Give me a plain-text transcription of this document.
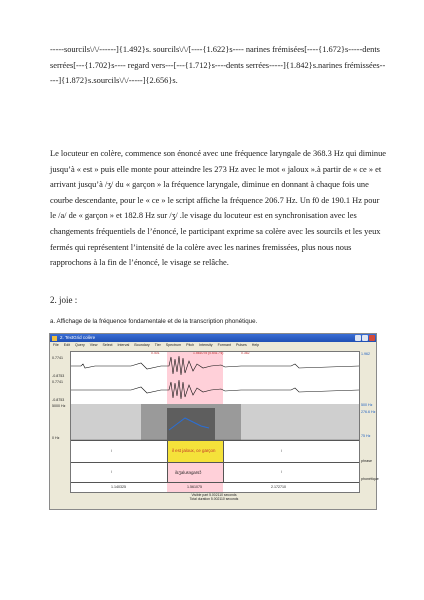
-----sourcils\/\/------]{1.492}s. sourcils\/\/[----{1.622}s---- narines frémisées[----{1.672}s-----dents serrées[---{1.702}s---- regard vers---[---{1.712}s----dents serrées-----]{1.842}s.narines frémissées-----]{1.872}s.sourcils\/\/-----]{2.656}s.
Le locuteur en colère, commence son énoncé avec une fréquence laryngale de 368.3 Hz qui diminue jusqu’à « est » puis elle monte pour atteindre les 273 Hz avec le mot « jaloux ».à partir de « ce » et arrivant jusqu’à /ʒ/ du « garçon » la fréquence laryngale, diminue en donnant à chaque fois une courbe descendante, pour le « ce » le script affiche la fréquence 206.7 Hz. Un f0 de 190.1 Hz pour le /a/ de « garçon » et 182.8 Hz sur /ʒ/ .le visage du locuteur est en synchronisation avec les changements fréquentiels de l’énoncé, le participant exprime sa colère avec les sourcils et les yeux fermés qui représentent l’intensité de la colère avec les narines fremissées, plus nous nous rapprochons à la fin de l’énoncé, le visage se relâche.
2. joie :
a. Affichage de la fréquence fondamentale et de la transcription phonétique.
2. TextGrid colère
File Edit Query View Select Interval Boundary Tier Spectrum Pitch Intensity Formant Pulses Help
0.7741
-0.8753
0.7741
-0.8753
5000 Hz
0 Hz
0.401	1.561075 (0.641 / s)	0.362
/	il est jaloux, ce garçon	/
/	ilɛʒalusəgarsɔ̃	/
1.140325	1.561075	2.172710
1.962
500 Hz
276.6 Hz
75 Hz
phrase
phonétique
Visible part 5.002110 seconds
Total duration 5.002110 seconds
